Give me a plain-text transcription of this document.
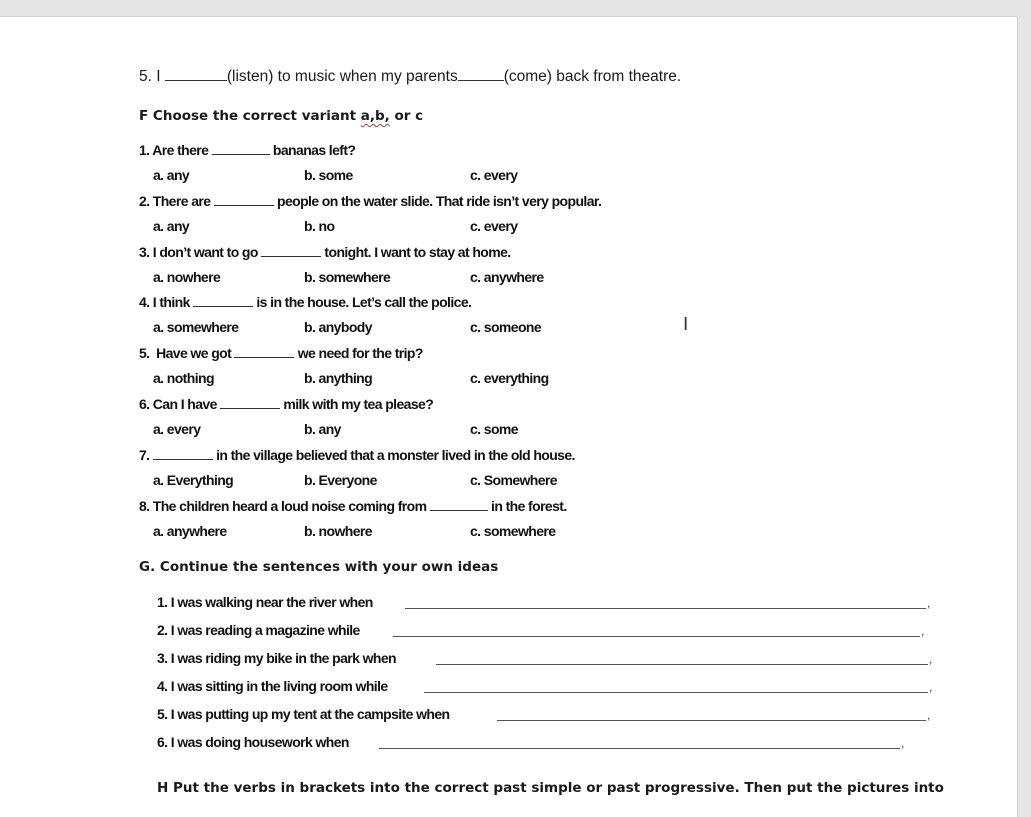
5. I	(listen) to music when my parents	(come) back from theatre.
F Choose the correct variant a,b, or c
1. Are there	bananas left?
a. any	b. some	c. every
2. There are	people on the water slide. That ride isn’t very popular.
a. any	b. no	c. every
3. I don’t want to go	tonight. I want to stay at home.
a. nowhere	b. somewhere	c. anywhere
4. I think	is in the house. Let’s call the police.
a. somewhere	b. anybody	c. someone
5.  Have we got	we need for the trip?
a. nothing	b. anything	c. everything
6. Can I have	milk with my tea please?
a. every	b. any	c. some
7.	in the village believed that a monster lived in the old house.
a. Everything	b. Everyone	c. Somewhere
8. The children heard a loud noise coming from	in the forest.
a. anywhere	b. nowhere	c. somewhere
G. Continue the sentences with your own ideas
1. I was walking near the river when	,
2. I was reading a magazine while	,
3. I was riding my bike in the park when	,
4. I was sitting in the living room while	,
5. I was putting up my tent at the campsite when	,
6. I was doing housework when	,
I
H Put the verbs in brackets into the correct past simple or past progressive. Then put the pictures into
